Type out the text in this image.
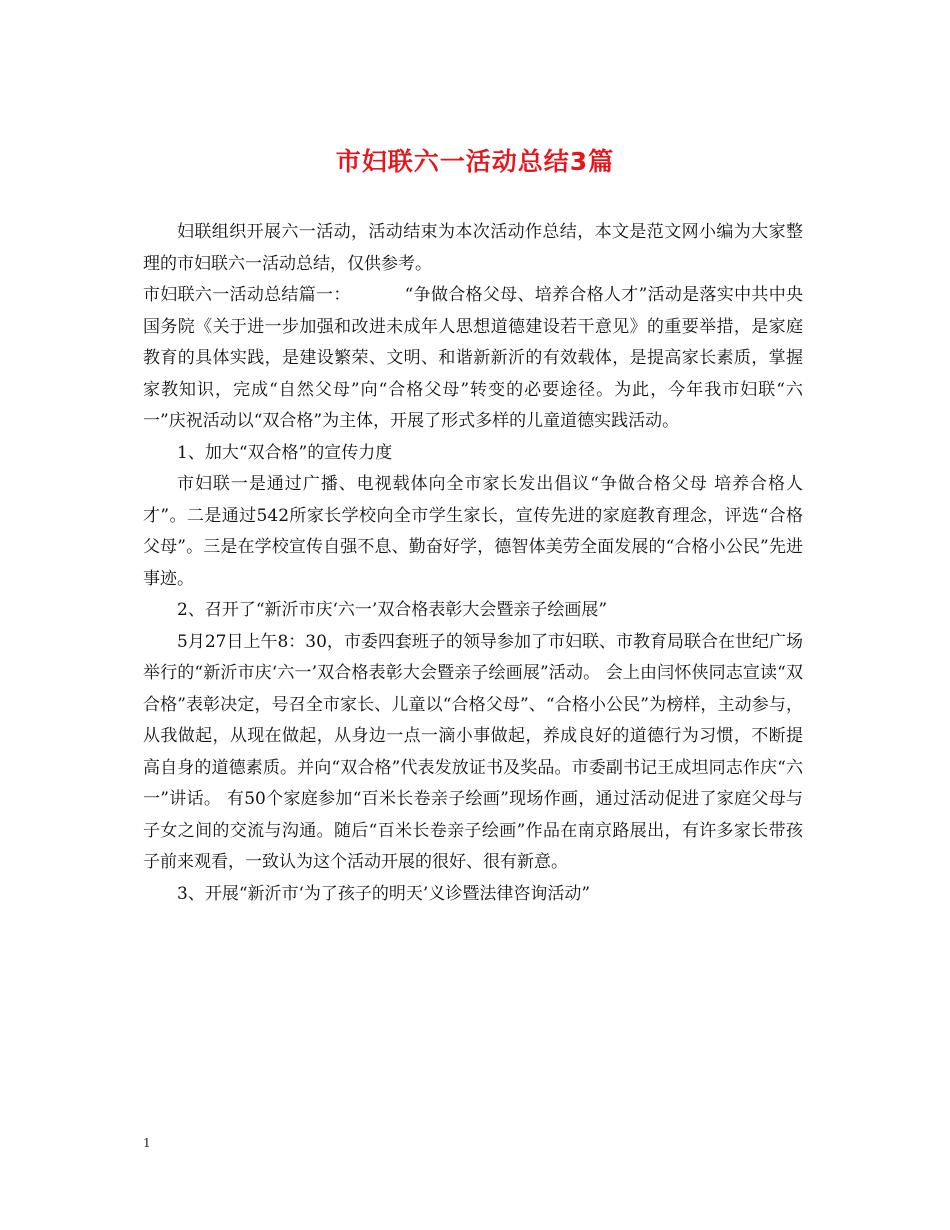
市妇联六一活动总结3篇

妇联组织开展六一活动，活动结束为本次活动作总结，本文是范文网小编为大家整理的市妇联六一活动总结，仅供参考。

市妇联六一活动总结篇一：	“争做合格父母、培养合格人才”活动是落实中共中央国务院《关于进一步加强和改进未成年人思想道德建设若干意见》的重要举措，是家庭教育的具体实践，是建设繁荣、文明、和谐新新沂的有效载体，是提高家长素质，掌握家教知识，完成“自然父母”向“合格父母”转变的必要途径。为此，今年我市妇联“六一”庆祝活动以“双合格”为主体，开展了形式多样的儿童道德实践活动。

1、加大“双合格”的宣传力度

市妇联一是通过广播、电视载体向全市家长发出倡议“争做合格父母 培养合格人才”。二是通过542所家长学校向全市学生家长，宣传先进的家庭教育理念，评选“合格父母”。三是在学校宣传自强不息、勤奋好学，德智体美劳全面发展的“合格小公民”先进事迹。

2、召开了“新沂市庆‘六一’双合格表彰大会暨亲子绘画展”

5月27日上午8：30，市委四套班子的领导参加了市妇联、市教育局联合在世纪广场举行的“新沂市庆‘六一’双合格表彰大会暨亲子绘画展”活动。 会上由闫怀侠同志宣读“双合格”表彰决定，号召全市家长、儿童以“合格父母”、“合格小公民”为榜样，主动参与，从我做起，从现在做起，从身边一点一滴小事做起，养成良好的道德行为习惯，不断提高自身的道德素质。并向“双合格”代表发放证书及奖品。市委副书记王成坦同志作庆“六一”讲话。 有50个家庭参加“百米长卷亲子绘画”现场作画，通过活动促进了家庭父母与子女之间的交流与沟通。随后“百米长卷亲子绘画”作品在南京路展出，有许多家长带孩子前来观看，一致认为这个活动开展的很好、很有新意。

3、开展“新沂市‘为了孩子的明天’义诊暨法律咨询活动”

1
